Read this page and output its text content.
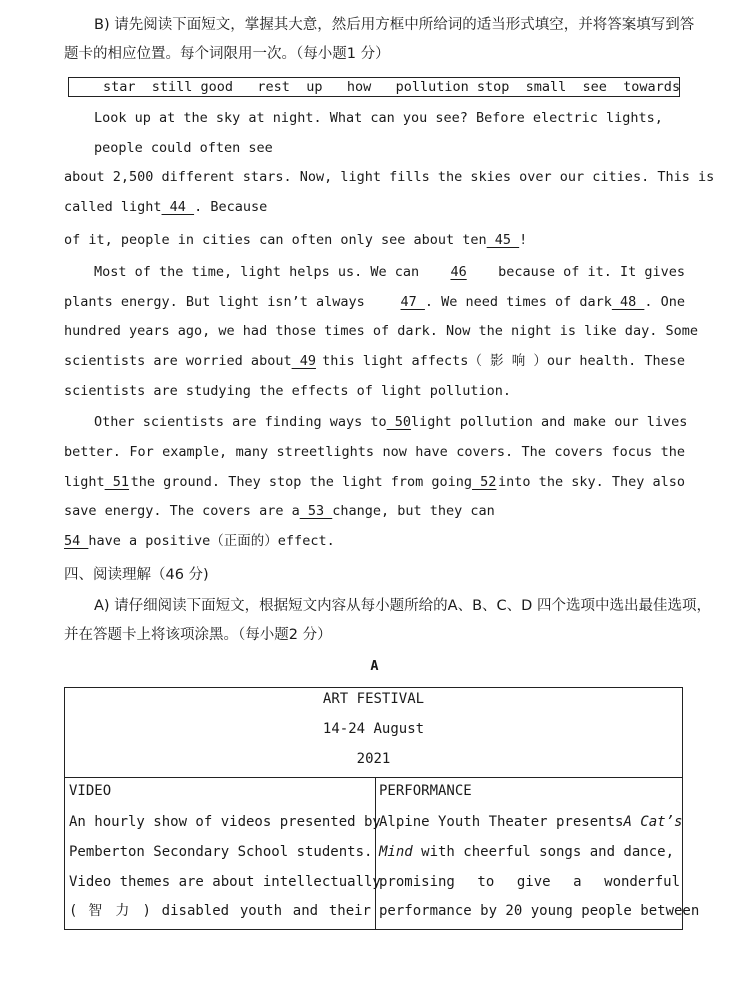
B) 请先阅读下面短文，掌握其大意，然后用方框中所给词的适当形式填空，并将答案填写到答
题卡的相应位置。每个词限用一次。（每小题1 分）
star  still good   rest  up   how   pollution stop  small  see  towards
Look up at the sky at night. What can you see? Before electric lights,
people could often see
about 2,500 different stars. Now, light fills the skies over our cities. This is
called light 44 . Because
of it, people in cities can often only see about ten 45 !
Most of the time, light helps us. We can 46 because of it. It gives
plants energy. But light isn’t always	47 . We need times of dark 48 . One
hundred years ago, we had those times of dark. Now the night is like day. Some
scientists are worried about 49 this light affects（ 影 响 ）our health. These
scientists are studying the effects of light pollution.
Other scientists are finding ways to 50 light pollution and make our lives
better. For example, many streetlights now have covers. The covers focus the
light 51 the ground. They stop the light from going 52 into the sky. They also
save energy. The covers are a 53 change, but they can
54 have a positive（正面的）effect.
四、阅读理解（46 分)
A) 请仔细阅读下面短文，根据短文内容从每小题所给的A、B、C、D 四个选项中选出最佳选项，
并在答题卡上将该项涂黑。（每小题2 分）
A
ART FESTIVAL
14-24 August
2021
VIDEO
An hourly show of videos presented by
Pemberton Secondary School students.
Video themes are about intellectually
( 智 力 ) disabled youth and their
PERFORMANCE
Alpine Youth Theater presents A Cat’s
Mind with cheerful songs and dance,
promising to give a wonderful
performance by 20 young people between
